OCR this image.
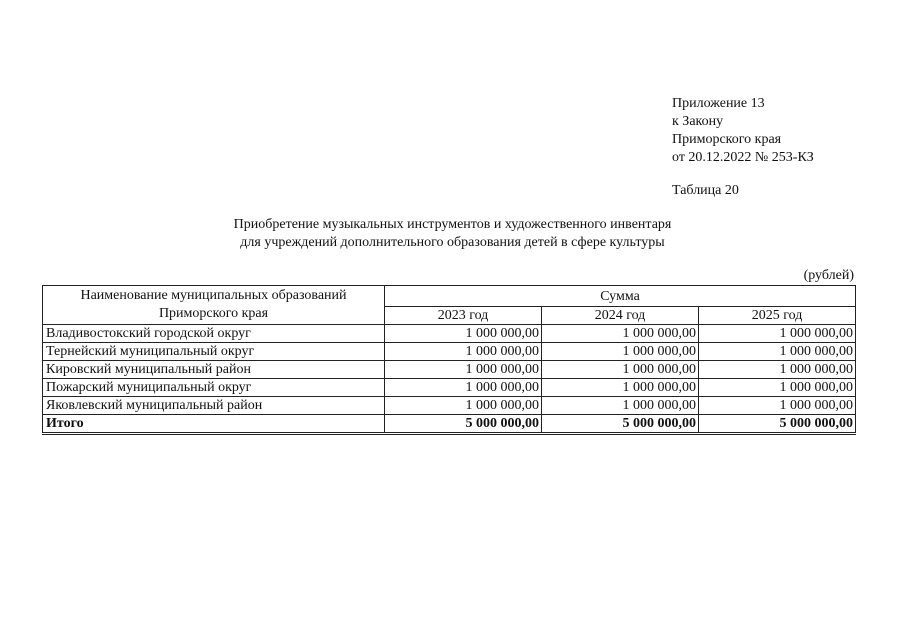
Приложение 13
к Закону
Приморского края
от 20.12.2022 № 253-КЗ
Таблица 20
Приобретение музыкальных инструментов и художественного инвентаря
для учреждений дополнительного образования детей в сфере культуры
(рублей)
Наименование муниципальных образований
Приморского края	Сумма		
	2023 год	2024 год	2025 год
Владивостокский городской округ	1 000 000,00	1 000 000,00	1 000 000,00
Тернейский муниципальный округ	1 000 000,00	1 000 000,00	1 000 000,00
Кировский муниципальный район	1 000 000,00	1 000 000,00	1 000 000,00
Пожарский муниципальный округ	1 000 000,00	1 000 000,00	1 000 000,00
Яковлевский муниципальный район	1 000 000,00	1 000 000,00	1 000 000,00
Итого	5 000 000,00	5 000 000,00	5 000 000,00
